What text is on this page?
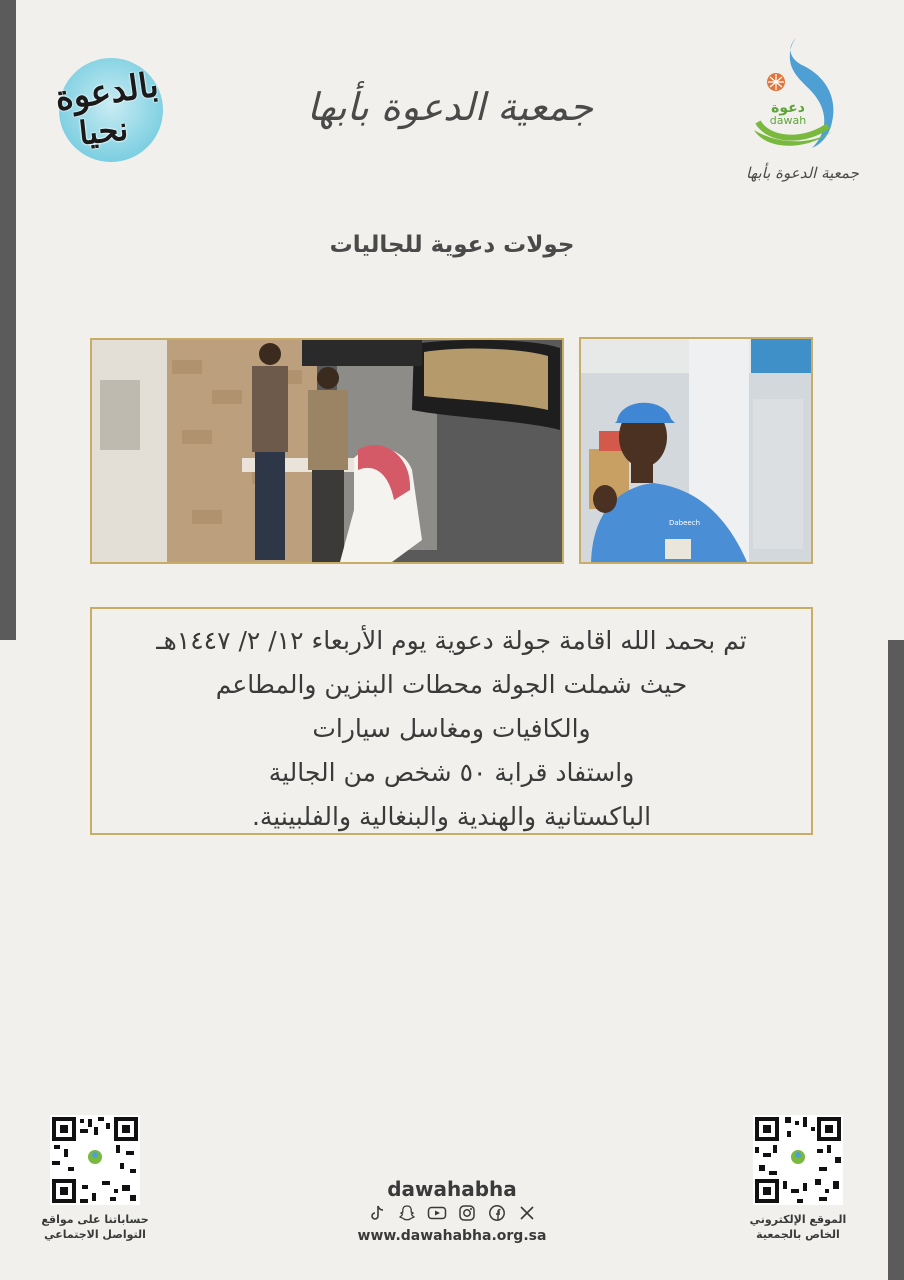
بالدعوة
نحيا
جمعية الدعوة بأبها	دعوة
dawah
جمعية الدعوة بأبها
جولات دعوية للجاليات
Dabeech

تم بحمد الله اقامة جولة دعوية يوم الأربعاء ١٢/ ٢/ ١٤٤٧هـ

حيث شملت الجولة محطات البنزين والمطاعم

والكافيات ومغاسل سيارات

واستفاد قرابة ٥٠ شخص من الجالية

الباكستانية والهندية والبنغالية والفلبينية.

حساباتنا على مواقع
التواصل الاجتماعي
الموقع الإلكتروني
الخاص بالجمعية
dawahabha
www.dawahabha.org.sa
